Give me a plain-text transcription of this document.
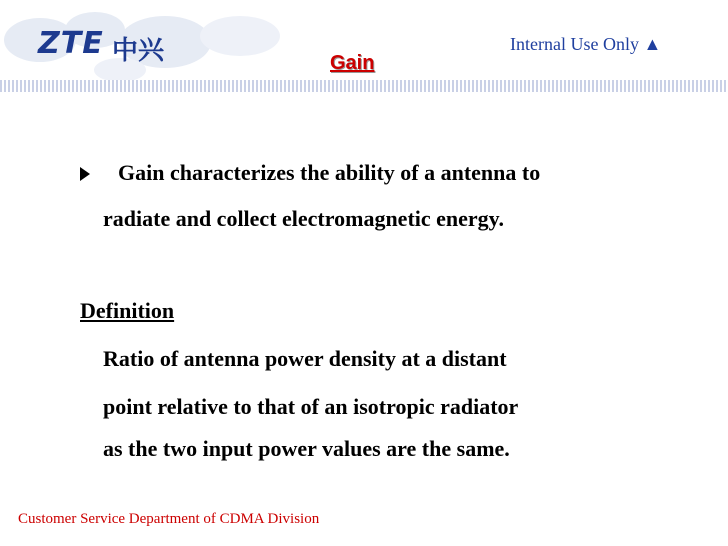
ZTE 中兴	Gain
Internal Use Only ▲
Gain characterizes the ability of a antenna to
radiate and collect electromagnetic energy.
Definition
Ratio of antenna power density at a distant
point relative to that of an isotropic radiator
as the two input power values are the same.
Customer Service Department of CDMA Division
